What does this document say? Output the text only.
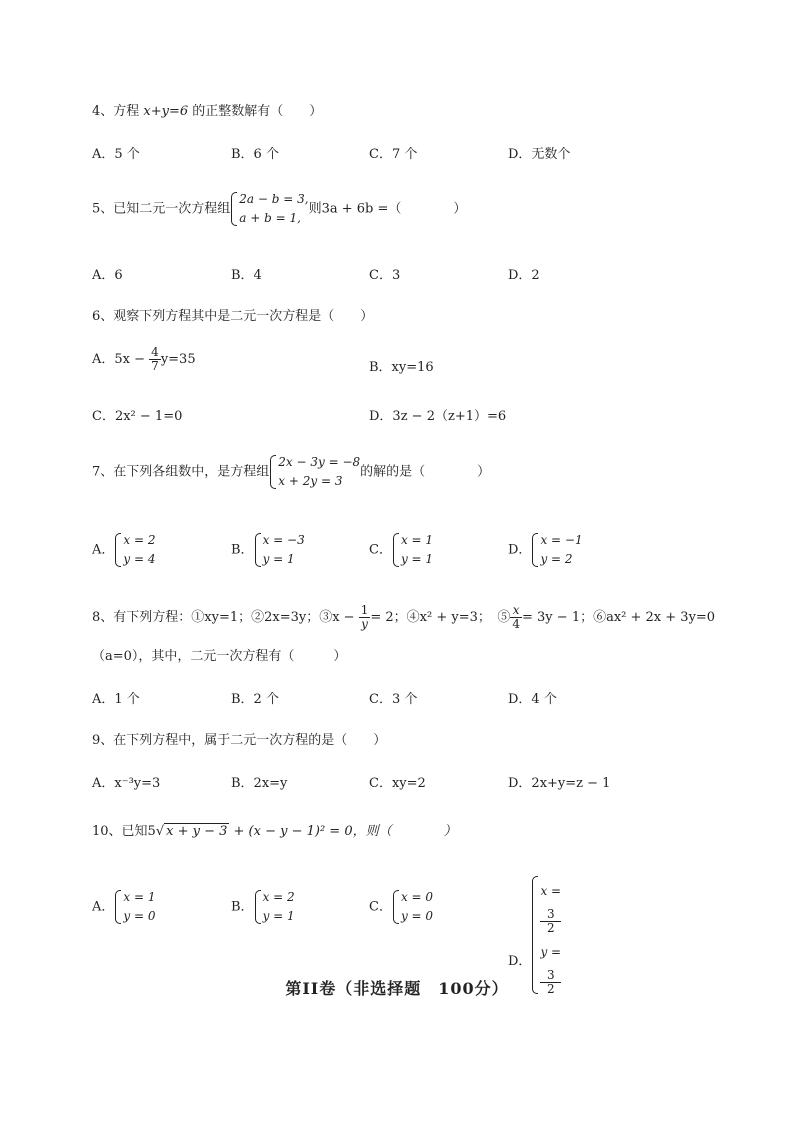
4、方程 x+y=6 的正整数解有（　　）
A．5 个	B．6 个	C．7 个	D．无数个
5、已知二元一次方程组
2a − b = 3,
a + b = 1,
则3a + 6b =（　　　　）
A．6	B．4	C．3	D．2
6、观察下列方程其中是二元一次方程是（　　）
A．$5x - \frac{4}{7} y=35$
B．xy=16
C．2x² − 1=0	D．3z − 2（z+1）=6
7、在下列各组数中，是方程组
2x − 3y = −8
x + 2y = 3
的解的是（　　　　）
A．
x = 2
y = 4
B．
x = −3
y = 1
C．
x = 1
y = 1
D．
x = −1
y = 2
8、有下列方程：①xy=1；②2x=3y；③x − $\frac{1}{y} = 2$；④x² + y=3；　⑤ $\frac{x}{4} = 3y - 1$；⑥ax² + 2x + 3y=0
（a=0），其中，二元一次方程有（　　　）
A．1 个	B．2 个	C．3 个	D．4 个
9、在下列方程中，属于二元一次方程的是（　　）
A．x⁻³y=3	B．2x=y	C．xy=2	D．2x+y=z − 1
10、已知5√ x + y − 3 + (x − y − 1)² = 0，则（　　　　）
A．
x = 1
y = 0
B．
x = 2
y = 1
C．
x = 0
y = 0
D．
x =
3
2
y =
3
2
第II卷（非选择题　100分）
